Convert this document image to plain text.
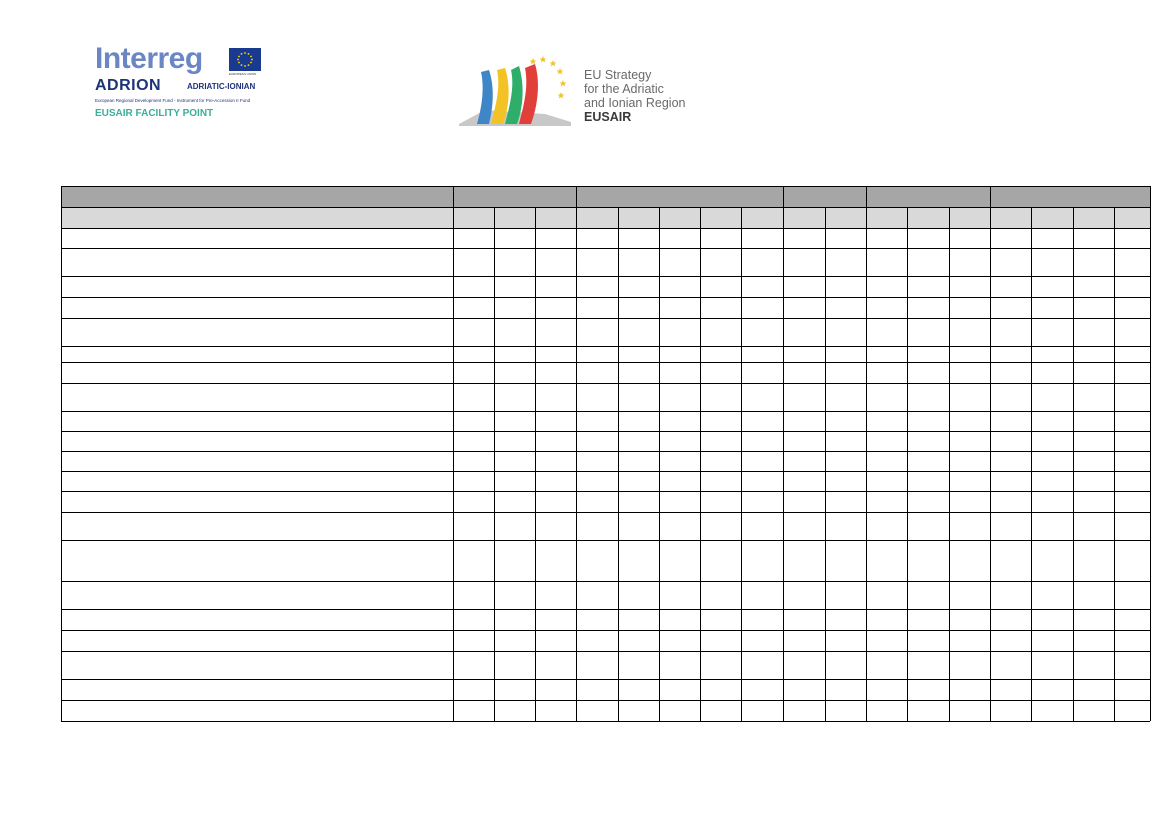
Interreg	EUROPEAN UNION
ADRION	ADRIATIC-IONIAN
European Regional Development Fund - Instrument for Pre-Accession II Fund
EUSAIR FACILITY POINT
EU Strategy
for the Adriatic
and Ionian Region
EUSAIR
